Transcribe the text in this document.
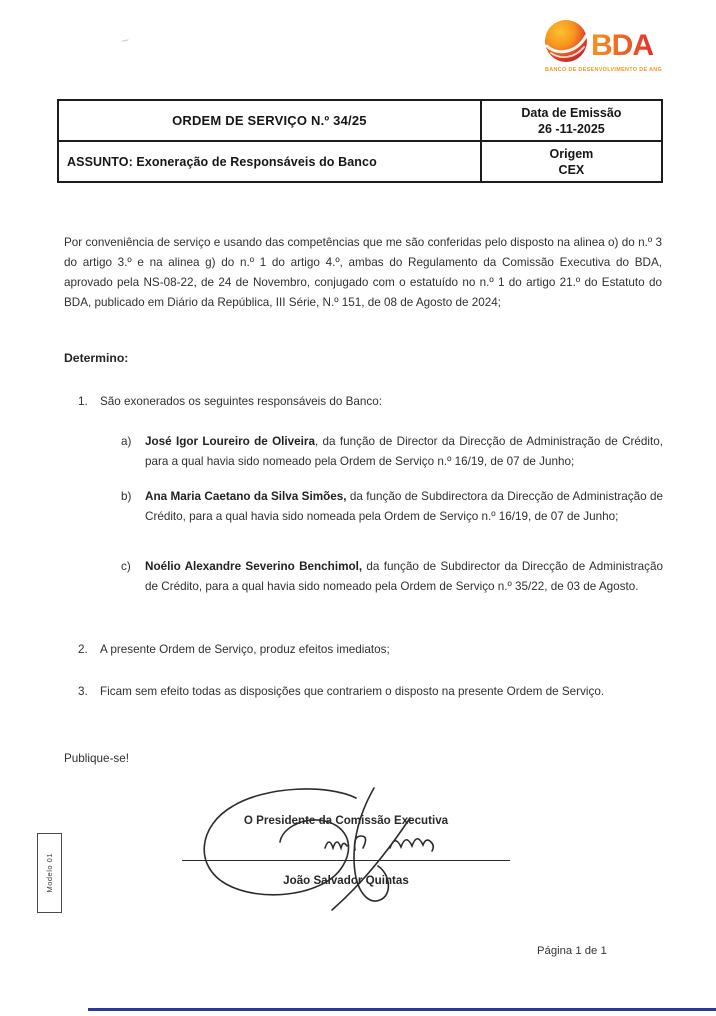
BDA
BANCO DE DESENVOLVIMENTO DE ANGOLA
ORDEM DE SERVIÇO N.º 34/25	Data de Emissão
26 -11-2025

ASSUNTO: Exoneração de Responsáveis do Banco	Origem
CEX

Por conveniência de serviço e usando das competências que me são conferidas pelo disposto na alinea o) do n.º 3 do artigo 3.º e na alinea g) do n.º 1 do artigo 4.º, ambas do Regulamento da Comissão Executiva do BDA, aprovado pela NS-08-22, de 24 de Novembro, conjugado com o estatuído no n.º 1 do artigo 21.º do Estatuto do BDA, publicado em Diário da República, III Série, N.º 151, de 08 de Agosto de 2024;

Determino:
1.	São exonerados os seguintes responsáveis do Banco:
a)	José Igor Loureiro de Oliveira, da função de Director da Direcção de Administração de Crédito, para a qual havia sido nomeado pela Ordem de Serviço n.º 16/19, de 07 de Junho;

b)	Ana Maria Caetano da Silva Simões, da função de Subdirectora da Direcção de Administração de Crédito, para a qual havia sido nomeada pela Ordem de Serviço n.º 16/19, de 07 de Junho;

c)	Noélio Alexandre Severino Benchimol, da função de Subdirector da Direcção de Administração de Crédito, para a qual havia sido nomeado pela Ordem de Serviço n.º 35/22, de 03 de Agosto.

2.	A presente Ordem de Serviço, produz efeitos imediatos;
3.	Ficam sem efeito todas as disposições que contrariem o disposto na presente Ordem de Serviço.
Publique-se!
O Presidente da Comissão Executiva
João Salvador Quintas
Modelo 01
Página 1 de 1
